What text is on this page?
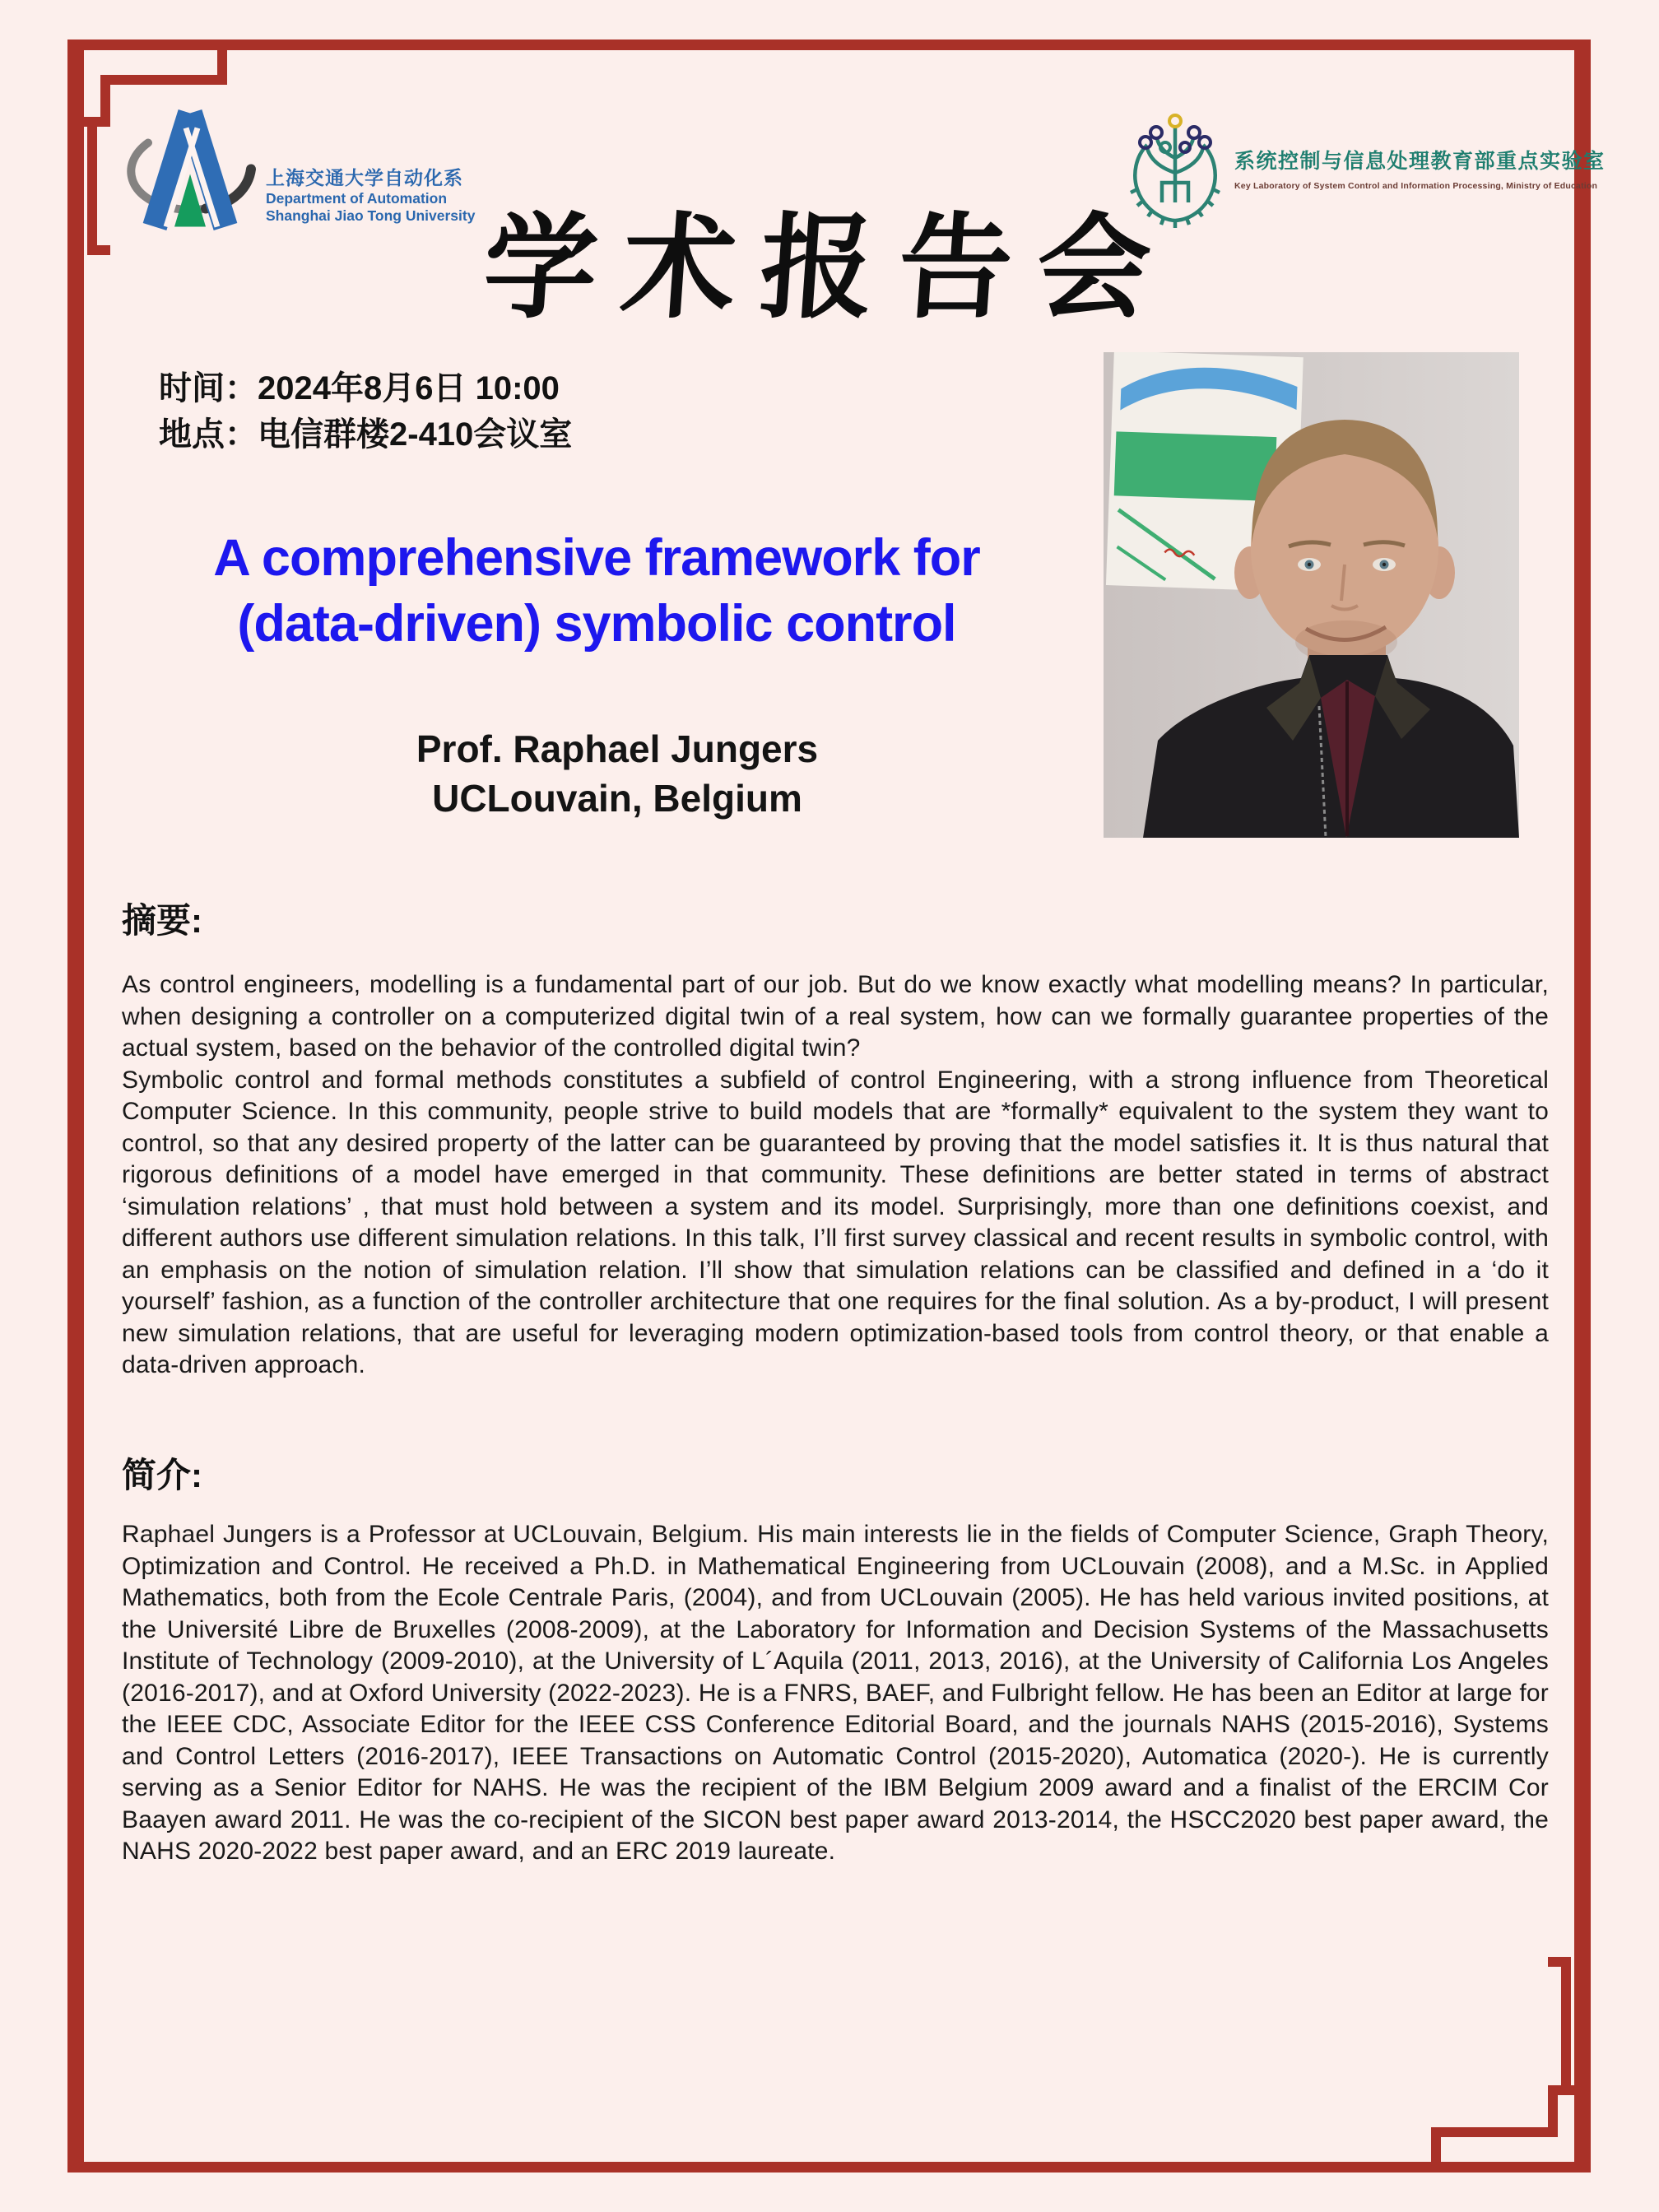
上海交通大学自动化系
Department of Automation
Shanghai Jiao Tong University
系统控制与信息处理教育部重点实验室
Key Laboratory of System Control and Information Processing, Ministry of Education
学术报告会
时间：2024年8月6日 10:00
地点：电信群楼2-410会议室
A comprehensive framework for
(data-driven) symbolic control
Prof. Raphael Jungers
UCLouvain, Belgium
摘要:

As control engineers, modelling is a fundamental part of our job. But do we know exactly what modelling means? In particular, when designing a controller on a computerized digital twin of a real system, how can we formally guarantee properties of the actual system, based on the behavior of the controlled digital twin?

Symbolic control and formal methods constitutes a subfield of control Engineering, with a strong influence from Theoretical Computer Science. In this community, people strive to build models that are *formally* equivalent to the system they want to control, so that any desired property of the latter can be guaranteed by proving that the model satisfies it. It is thus natural that rigorous definitions of a model have emerged in that community. These definitions are better stated in terms of abstract ‘simulation relations’ , that must hold between a system and its model. Surprisingly, more than one definitions coexist, and different authors use different simulation relations. In this talk, I’ll first survey classical and recent results in symbolic control, with an emphasis on the notion of simulation relation. I’ll show that simulation relations can be classified and defined in a ‘do it yourself’ fashion, as a function of the controller architecture that one requires for the final solution. As a by-product, I will present new simulation relations, that are useful for leveraging modern optimization-based tools from control theory, or that enable a data-driven approach.

简介:

Raphael Jungers is a Professor at UCLouvain, Belgium. His main interests lie in the fields of Computer Science, Graph Theory, Optimization and Control. He received a Ph.D. in Mathematical Engineering from UCLouvain (2008), and a M.Sc. in Applied Mathematics, both from the Ecole Centrale Paris, (2004), and from UCLouvain (2005). He has held various invited positions, at the Université Libre de Bruxelles (2008-2009), at the Laboratory for Information and Decision Systems of the Massachusetts Institute of Technology (2009-2010), at the University of L´Aquila (2011, 2013, 2016), at the University of California Los Angeles (2016-2017), and at Oxford University (2022-2023). He is a FNRS, BAEF, and Fulbright fellow. He has been an Editor at large for the IEEE CDC, Associate Editor for the IEEE CSS Conference Editorial Board, and the journals NAHS (2015-2016), Systems and Control Letters (2016-2017), IEEE Transactions on Automatic Control (2015-2020), Automatica (2020-). He is currently serving as a Senior Editor for NAHS. He was the recipient of the IBM Belgium 2009 award and a finalist of the ERCIM Cor Baayen award 2011. He was the co-recipient of the SICON best paper award 2013-2014, the HSCC2020 best paper award, the NAHS 2020-2022 best paper award, and an ERC 2019 laureate.
